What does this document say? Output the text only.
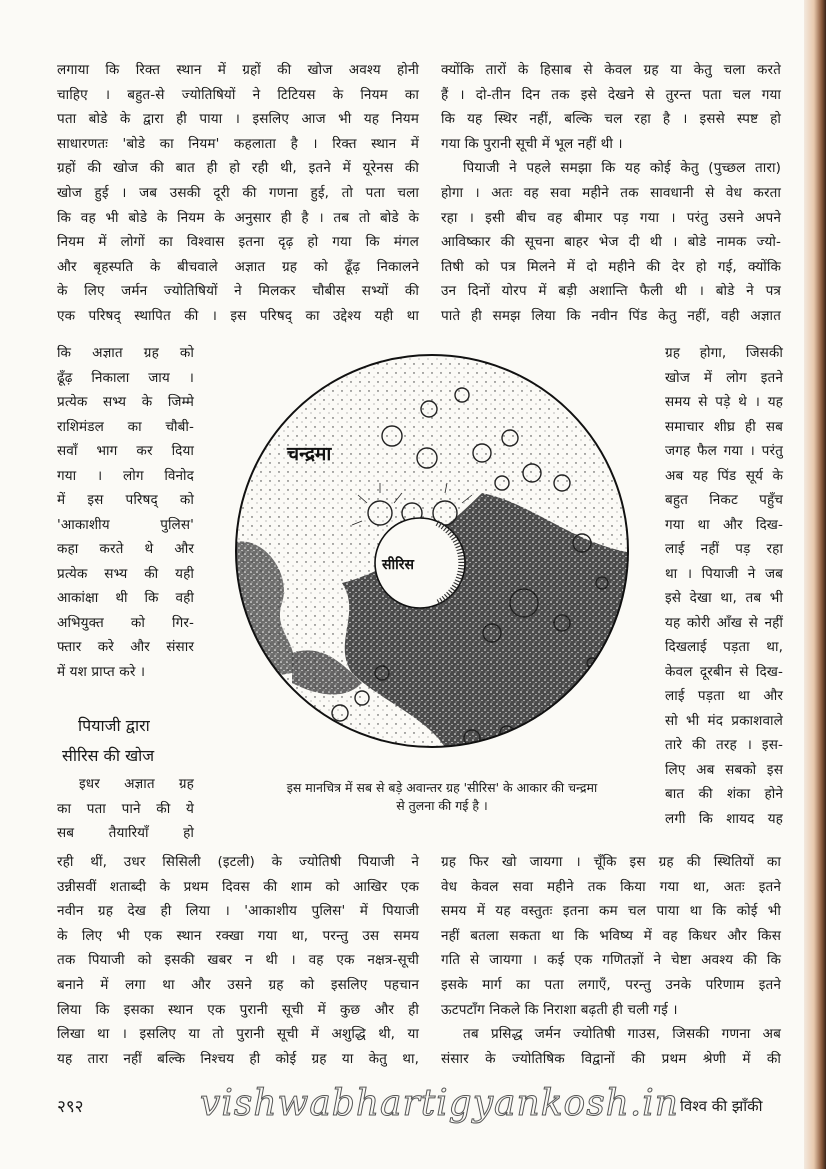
लगाया कि रिक्त स्थान में ग्रहों की खोज अवश्य होनी
चाहिए । बहुत-से ज्योतिषियों ने टिटियस के नियम का
पता बोडे के द्वारा ही पाया । इसलिए आज भी यह नियम
साधारणतः 'बोडे का नियम' कहलाता है । रिक्त स्थान में
ग्रहों की खोज की बात ही हो रही थी, इतने में यूरेनस की
खोज हुई । जब उसकी दूरी की गणना हुई, तो पता चला
कि वह भी बोडे के नियम के अनुसार ही है । तब तो बोडे के
नियम में लोगों का विश्वास इतना दृढ़ हो गया कि मंगल
और बृहस्पति के बीचवाले अज्ञात ग्रह को ढूँढ़ निकालने
के लिए जर्मन ज्योतिषियों ने मिलकर चौबीस सभ्यों की
एक परिषद् स्थापित की । इस परिषद् का उद्देश्य यही था
कि अज्ञात ग्रह को
ढूँढ़ निकाला जाय ।
प्रत्येक सभ्य के जिम्मे
राशिमंडल का चौबी-
सवाँ भाग कर दिया
गया । लोग विनोद
में इस परिषद् को
'आकाशीय पुलिस'
कहा करते थे और
प्रत्येक सभ्य की यही
आकांक्षा थी कि वही
अभियुक्त को गिर-
फ्तार करे और संसार
में यश प्राप्त करे ।
पियाजी द्वारा
सीरिस की खोज
इधर अज्ञात ग्रह
का पता पाने की ये
सब तैयारियाँ हो
रही थीं, उधर सिसिली (इटली) के ज्योतिषी पियाजी ने
उन्नीसवीं शताब्दी के प्रथम दिवस की शाम को आखिर एक
नवीन ग्रह देख ही लिया । 'आकाशीय पुलिस' में पियाजी
के लिए भी एक स्थान रक्खा गया था, परन्तु उस समय
तक पियाजी को इसकी खबर न थी । वह एक नक्षत्र-सूची
बनाने में लगा था और उसने ग्रह को इसलिए पहचान
लिया कि इसका स्थान एक पुरानी सूची में कुछ और ही
लिखा था । इसलिए या तो पुरानी सूची में अशुद्धि थी, या
यह तारा नहीं बल्कि निश्चय ही कोई ग्रह या केतु था,
क्योंकि तारों के हिसाब से केवल ग्रह या केतु चला करते
हैं । दो-तीन दिन तक इसे देखने से तुरन्त पता चल गया
कि यह स्थिर नहीं, बल्कि चल रहा है । इससे स्पष्ट हो
गया कि पुरानी सूची में भूल नहीं थी ।
पियाजी ने पहले समझा कि यह कोई केतु (पुच्छल तारा)
होगा । अतः वह सवा महीने तक सावधानी से वेध करता
रहा । इसी बीच वह बीमार पड़ गया । परंतु उसने अपने
आविष्कार की सूचना बाहर भेज दी थी । बोडे नामक ज्यो-
तिषी को पत्र मिलने में दो महीने की देर हो गई, क्योंकि
उन दिनों योरप में बड़ी अशान्ति फैली थी । बोडे ने पत्र
पाते ही समझ लिया कि नवीन पिंड केतु नहीं, वही अज्ञात
ग्रह होगा, जिसकी
खोज में लोग इतने
समय से पड़े थे । यह
समाचार शीघ्र ही सब
जगह फैल गया । परंतु
अब यह पिंड सूर्य के
बहुत निकट पहुँच
गया था और दिख-
लाई नहीं पड़ रहा
था । पियाजी ने जब
इसे देखा था, तब भी
यह कोरी आँख से नहीं
दिखलाई पड़ता था,
केवल दूरबीन से दिख-
लाई पड़ता था और
सो भी मंद प्रकाशवाले
तारे की तरह । इस-
लिए अब सबको इस
बात की शंका होने
लगी कि शायद यह
ग्रह फिर खो जायगा । चूँकि इस ग्रह की स्थितियों का
वेध केवल सवा महीने तक किया गया था, अतः इतने
समय में यह वस्तुतः इतना कम चल पाया था कि कोई भी
नहीं बतला सकता था कि भविष्य में वह किधर और किस
गति से जायगा । कई एक गणितज्ञों ने चेष्टा अवश्य की कि
इसके मार्ग का पता लगाएँ, परन्तु उनके परिणाम इतने
ऊटपटाँग निकले कि निराशा बढ़ती ही चली गई ।
तब प्रसिद्ध जर्मन ज्योतिषी गाउस, जिसकी गणना अब
संसार के ज्योतिषिक विद्वानों की प्रथम श्रेणी में की
चन्द्रमा
सीरिस
इस मानचित्र में सब से बड़े अवान्तर ग्रह 'सीरिस' के आकार की चन्द्रमा
से तुलना की गई है ।
२९२	vishwabhartigyankosh.in विश्व की झाँकी
